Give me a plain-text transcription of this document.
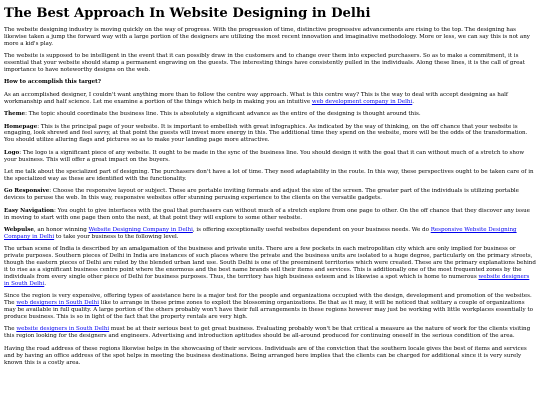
The Best Approach In Website Designing in Delhi

The website designing industry is moving quickly on the way of progress. With the progression of time, distinctive progressive advancements are rising to the top. The designing has likewise taken a jump the forward way with a large portion of the designers are utilizing the most recent innovation and imaginative methodology. More or less, we can say this is not any more a kid's play.

The website is supposed to be intelligent in the event that it can possibly draw in the customers and to change over them into expected purchasers. So as to make a commitment, it is essential that your website should stamp a permanent engraving on the guests. The interesting things have consistently pulled in the individuals. Along these lines, it is the call of great importance to have noteworthy designs on the web.

How to accomplish this target?

As an accomplished designer, I couldn't want anything more than to follow the centre way approach. What is this centre way? This is the way to deal with accept designing as half workmanship and half science. Let me examine a portion of the things which help in making you an intuitive web development company in Delhi.

Theme: The topic should coordinate the business line. This is absolutely a significant advance as the entire of the designing is thought around this.

Homepage: This is the principal page of your website. It is important to embellish with great infographics. As indicated by the way of thinking, on the off chance that your website is engaging, look shrewd and feel savvy, at that point the guests will invest more energy in this. The additional time they spend on the website, more will be the odds of the transformation. You should utilize alluring flags and pictures so as to make your landing page more attractive.

Logo: The logo is a significant piece of any website. It ought to be made in the sync of the business line. You should design it with the goal that it can without much of a stretch to show your business. This will offer a great impact on the buyers.

Let me talk about the specialized part of designing. The purchasers don't have a lot of time. They need adaptability in the route. In this way, these perspectives ought to be taken care of in the specialized way as these are identified with the functionality.

Go Responsive: Choose the responsive layout or subject. These are portable inviting formats and adjust the size of the screen. The greater part of the individuals is utilizing portable devices to peruse the web. In this way, responsive websites offer stunning perusing experience to the clients on the versatile gadgets.

Easy Navigation: You ought to give interfaces with the goal that purchasers can without much of a stretch explore from one page to other. On the off chance that they discover any issue in moving to start with one page then onto the next, at that point they will explore to some other website.

Webpulse, an honor winning Website Designing Company in Delhi, is offering exceptionally useful websites dependent on your business needs. We do Responsive Website Designing Company in Delhi to take your business to the following level.

The urban scene of India is described by an amalgamation of the business and private units. There are a few pockets in each metropolitan city which are only implied for business or private purposes. Southern pieces of Delhi in India are instances of such places where the private and the business units are isolated to a huge degree, particularly on the primary streets, though the eastern pieces of Delhi are ruled by the blended urban land use. South Delhi is one of the preeminent territories which were created. These are the primary explanations behind it to rise as a significant business centre point where the enormous and the best name brands sell their items and services. This is additionally one of the most frequented zones by the individuals from every single other piece of Delhi for business purposes. Thus, the territory has high business esteem and is likewise a spot which is home to numerous website designers in South Delhi.

Since the region is very expensive, offering types of assistance here is a major test for the people and organizations occupied with the design, development and promotion of the websites. The web designers in South Delhi like to arrange in these prime zones to exploit the blossoming organizations. Be that as it may, it will be noticed that solitary a couple of organizations may be available in full quality. A large portion of the others probably won't have their full arrangements in these regions however may just be working with little workplaces essentially to produce business. This is so in light of the fact that the property rentals are very high.

The website designers in South Delhi must be at their serious best to get great business. Evaluating probably won't be that critical a measure as the nature of work for the clients visiting this region looking for the designers and engineers. Advertising and introduction aptitudes should be all-around produced for continuing oneself in the serious condition of the area.

Having the road address of these regions likewise helps in the showcasing of their services. Individuals are of the conviction that the southern locale gives the best of items and services and by having an office address of the spot helps in meeting the business destinations. Being arranged here implies that the clients can be charged for additional since it is very surely known this is a costly area.
